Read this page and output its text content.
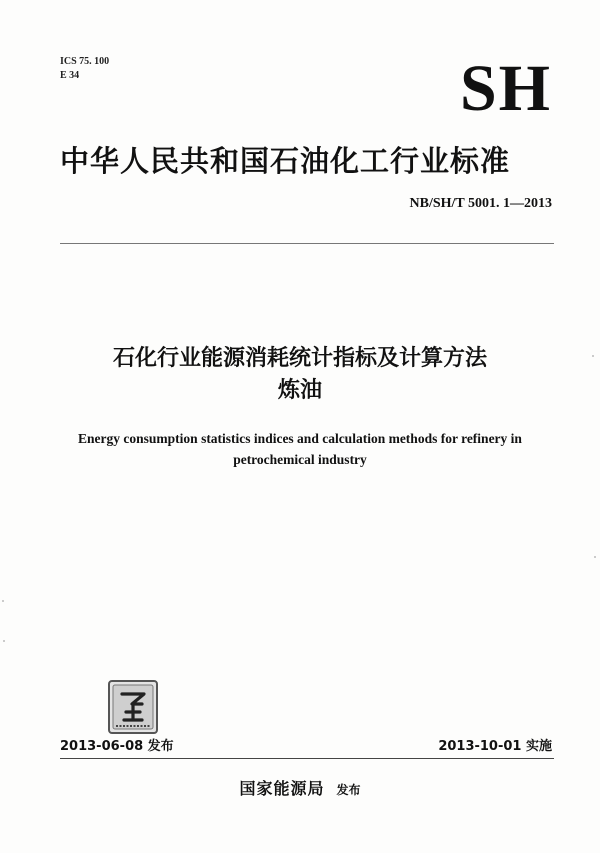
ICS 75. 100
E 34	SH
中华人民共和国石油化工行业标准
NB/SH/T 5001. 1—2013
石化行业能源消耗统计指标及计算方法
炼油
Energy consumption statistics indices and calculation methods for refinery in
petrochemical industry
2013-06-08 发布	2013-10-01 实施
国家能源局 发布
